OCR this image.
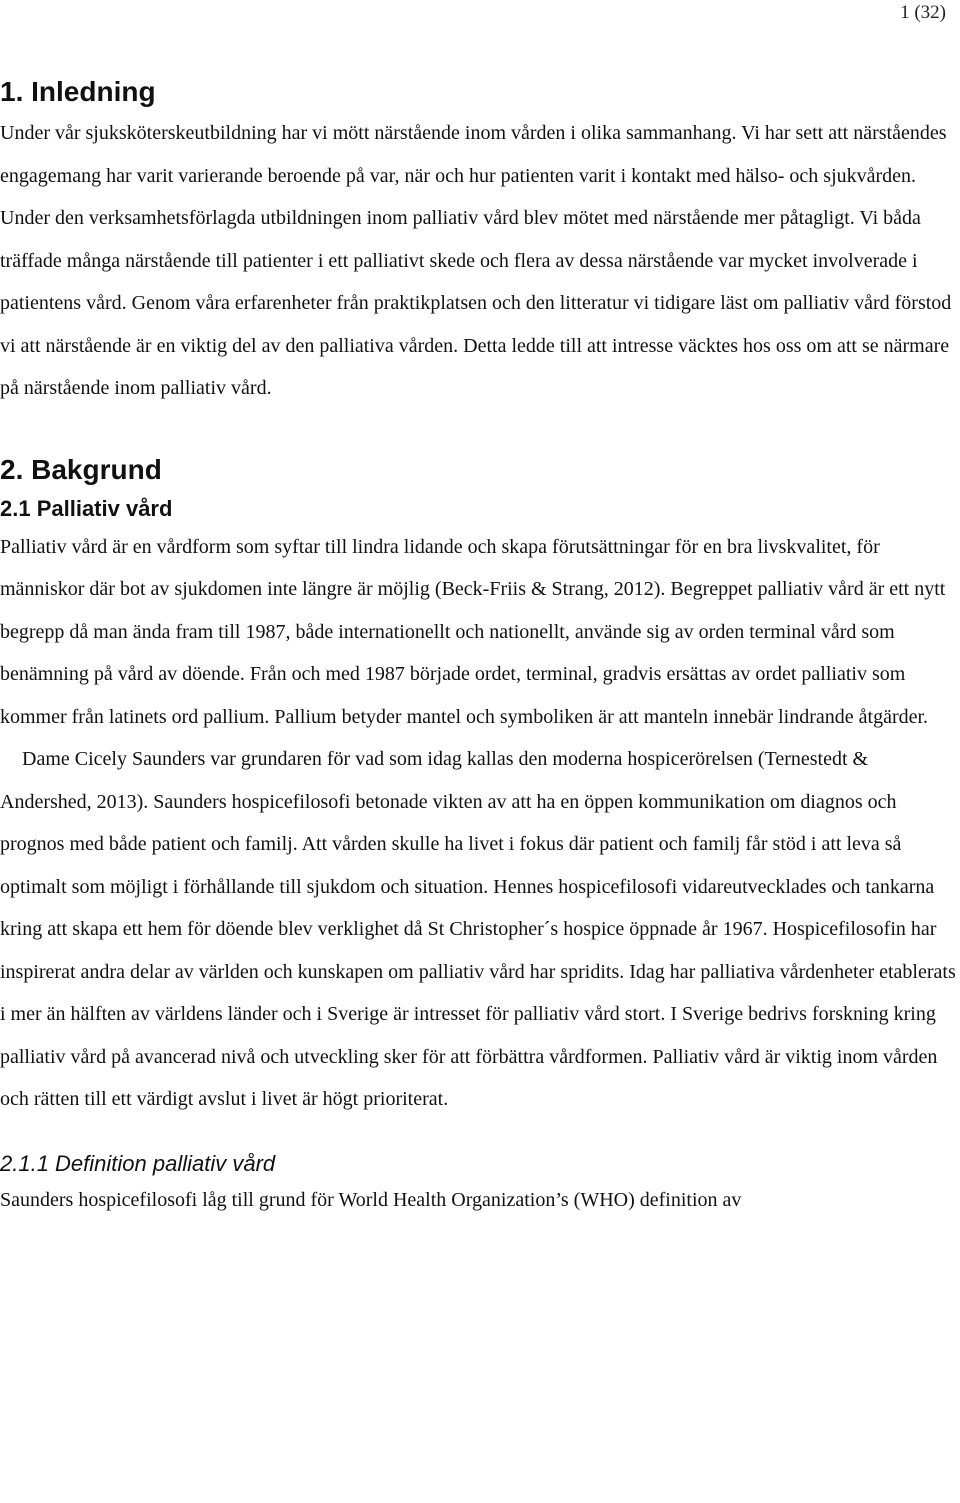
1 (32)
1. Inledning

Under vår sjuksköterskeutbildning har vi mött närstående inom vården i olika sammanhang. Vi har sett att närståendes engagemang har varit varierande beroende på var, när och hur patienten varit i kontakt med hälso- och sjukvården. Under den verksamhetsförlagda utbildningen inom palliativ vård blev mötet med närstående mer påtagligt. Vi båda träffade många närstående till patienter i ett palliativt skede och flera av dessa närstående var mycket involverade i patientens vård. Genom våra erfarenheter från praktikplatsen och den litteratur vi tidigare läst om palliativ vård förstod vi att närstående är en viktig del av den palliativa vården. Detta ledde till att intresse väcktes hos oss om att se närmare på närstående inom palliativ vård.

2. Bakgrund
2.1 Palliativ vård

Palliativ vård är en vårdform som syftar till lindra lidande och skapa förutsättningar för en bra livskvalitet, för människor där bot av sjukdomen inte längre är möjlig (Beck-Friis & Strang, 2012). Begreppet palliativ vård är ett nytt begrepp då man ända fram till 1987, både internationellt och nationellt, använde sig av orden terminal vård som benämning på vård av döende. Från och med 1987 började ordet, terminal, gradvis ersättas av ordet palliativ som kommer från latinets ord pallium. Pallium betyder mantel och symboliken är att manteln innebär lindrande åtgärder.

Dame Cicely Saunders var grundaren för vad som idag kallas den moderna hospicerörelsen (Ternestedt & Andershed, 2013). Saunders hospicefilosofi betonade vikten av att ha en öppen kommunikation om diagnos och prognos med både patient och familj. Att vården skulle ha livet i fokus där patient och familj får stöd i att leva så optimalt som möjligt i förhållande till sjukdom och situation. Hennes hospicefilosofi vidareutvecklades och tankarna kring att skapa ett hem för döende blev verklighet då St Christopher´s hospice öppnade år 1967. Hospicefilosofin har inspirerat andra delar av världen och kunskapen om palliativ vård har spridits. Idag har palliativa vårdenheter etablerats i mer än hälften av världens länder och i Sverige är intresset för palliativ vård stort. I Sverige bedrivs forskning kring palliativ vård på avancerad nivå och utveckling sker för att förbättra vårdformen. Palliativ vård är viktig inom vården och rätten till ett värdigt avslut i livet är högt prioriterat.

2.1.1 Definition palliativ vård

Saunders hospicefilosofi låg till grund för World Health Organization’s (WHO) definition av
